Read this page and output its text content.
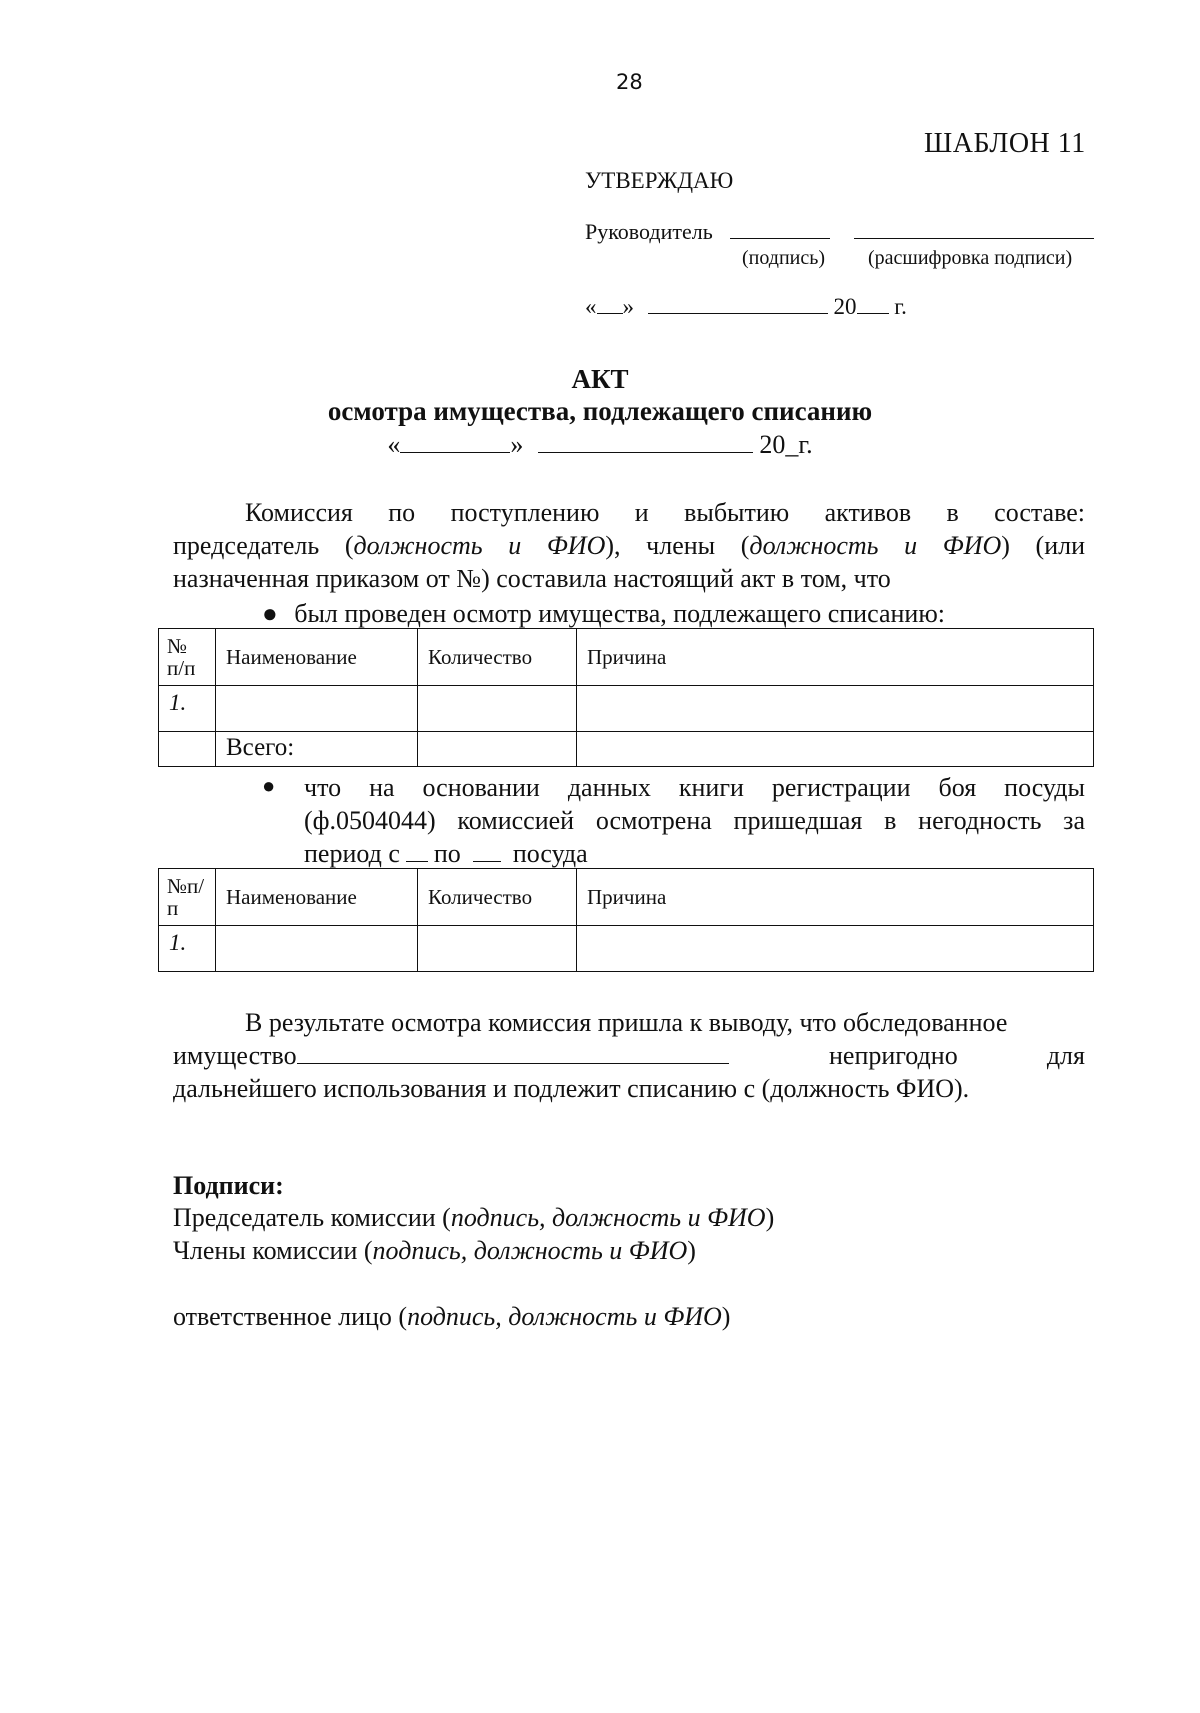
28
ШАБЛОН 11
УТВЕРЖДАЮ
Руководитель
(подпись) (расшифровка подписи)
« »	20 г.
АКТ
осмотра имущества, подлежащего списанию
«	»	20_г.
Комиссия по поступлению и выбытию активов в составе:
председатель (должность и ФИО), члены (должность и ФИО) (или
назначенная приказом от №) составила настоящий акт в том, что
● был проведен осмотр имущества, подлежащего списанию:
№
п/п	Наименование	Количество	Причина
1.			
	Всего:		
● что на основании данных книги регистрации боя посуды
(ф.0504044) комиссией осмотрена пришедшая в негодность за
период с по посуда
№п/
п	Наименование	Количество	Причина
1.			
В результате осмотра комиссия пришла к выводу, что обследованное
имущество	непригодно	для
дальнейшего использования и подлежит списанию с (должность ФИО).
Подписи:
Председатель комиссии (подпись, должность и ФИО)
Члены комиссии (подпись, должность и ФИО)
ответственное лицо (подпись, должность и ФИО)
